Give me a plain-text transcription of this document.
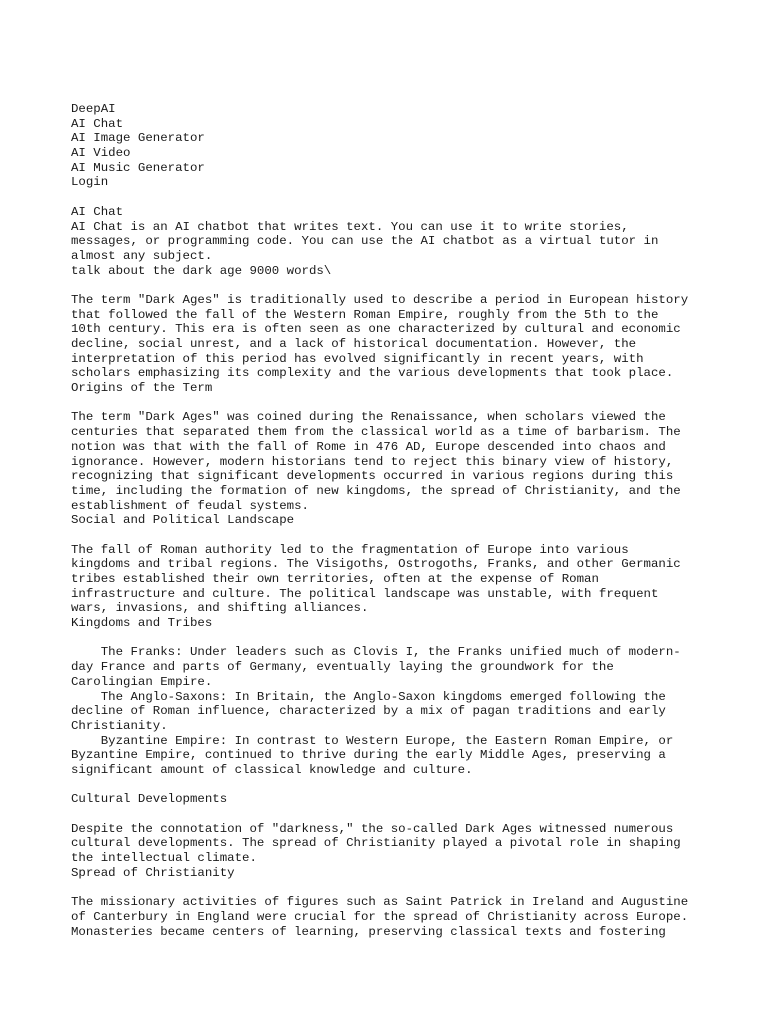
DeepAI
AI Chat
AI Image Generator
AI Video
AI Music Generator
Login
AI Chat
AI Chat is an AI chatbot that writes text. You can use it to write stories,
messages, or programming code. You can use the AI chatbot as a virtual tutor in
almost any subject.
talk about the dark age 9000 words\
The term "Dark Ages" is traditionally used to describe a period in European history
that followed the fall of the Western Roman Empire, roughly from the 5th to the
10th century. This era is often seen as one characterized by cultural and economic
decline, social unrest, and a lack of historical documentation. However, the
interpretation of this period has evolved significantly in recent years, with
scholars emphasizing its complexity and the various developments that took place.
Origins of the Term
The term "Dark Ages" was coined during the Renaissance, when scholars viewed the
centuries that separated them from the classical world as a time of barbarism. The
notion was that with the fall of Rome in 476 AD, Europe descended into chaos and
ignorance. However, modern historians tend to reject this binary view of history,
recognizing that significant developments occurred in various regions during this
time, including the formation of new kingdoms, the spread of Christianity, and the
establishment of feudal systems.
Social and Political Landscape
The fall of Roman authority led to the fragmentation of Europe into various
kingdoms and tribal regions. The Visigoths, Ostrogoths, Franks, and other Germanic
tribes established their own territories, often at the expense of Roman
infrastructure and culture. The political landscape was unstable, with frequent
wars, invasions, and shifting alliances.
Kingdoms and Tribes
The Franks: Under leaders such as Clovis I, the Franks unified much of modern-
day France and parts of Germany, eventually laying the groundwork for the
Carolingian Empire.
The Anglo-Saxons: In Britain, the Anglo-Saxon kingdoms emerged following the
decline of Roman influence, characterized by a mix of pagan traditions and early
Christianity.
Byzantine Empire: In contrast to Western Europe, the Eastern Roman Empire, or
Byzantine Empire, continued to thrive during the early Middle Ages, preserving a
significant amount of classical knowledge and culture.
Cultural Developments
Despite the connotation of "darkness," the so-called Dark Ages witnessed numerous
cultural developments. The spread of Christianity played a pivotal role in shaping
the intellectual climate.
Spread of Christianity
The missionary activities of figures such as Saint Patrick in Ireland and Augustine
of Canterbury in England were crucial for the spread of Christianity across Europe.
Monasteries became centers of learning, preserving classical texts and fostering
